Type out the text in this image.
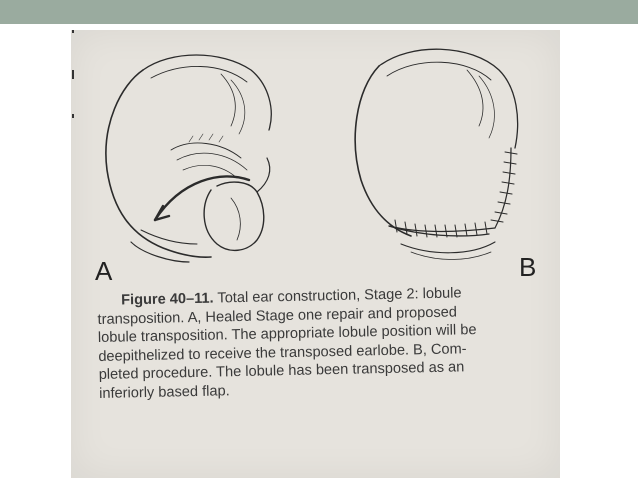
A	B
Figure 40–11. Total ear construction, Stage 2: lobule
transposition. A, Healed Stage one repair and proposed
lobule transposition. The appropriate lobule position will be
deepithelized to receive the transposed earlobe. B, Com-
pleted procedure. The lobule has been transposed as an
inferiorly based flap.
